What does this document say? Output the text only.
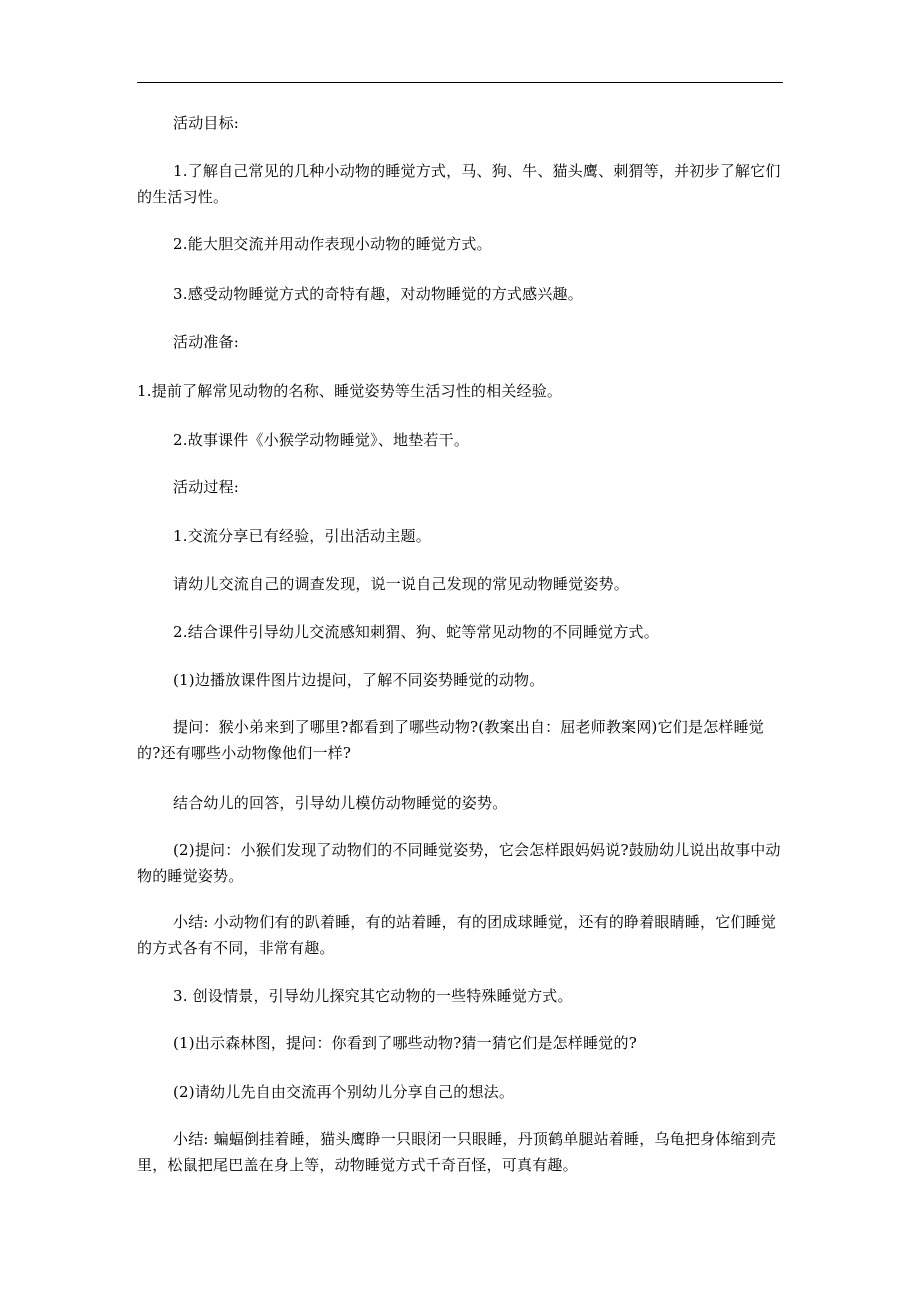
活动目标:

1.了解自己常见的几种小动物的睡觉方式，马、狗、牛、猫头鹰、刺猬等，并初步了解它们的生活习性。

2.能大胆交流并用动作表现小动物的睡觉方式。

3.感受动物睡觉方式的奇特有趣，对动物睡觉的方式感兴趣。

活动准备:

1.提前了解常见动物的名称、睡觉姿势等生活习性的相关经验。

2.故事课件《小猴学动物睡觉》、地垫若干。

活动过程:

1.交流分享已有经验，引出活动主题。

请幼儿交流自己的调查发现，说一说自己发现的常见动物睡觉姿势。

2.结合课件引导幼儿交流感知刺猬、狗、蛇等常见动物的不同睡觉方式。

(1)边播放课件图片边提问，了解不同姿势睡觉的动物。

提问：猴小弟来到了哪里?都看到了哪些动物?(教案出自：屈老师教案网)它们是怎样睡觉的?还有哪些小动物像他们一样?

结合幼儿的回答，引导幼儿模仿动物睡觉的姿势。

(2)提问：小猴们发现了动物们的不同睡觉姿势，它会怎样跟妈妈说?鼓励幼儿说出故事中动物的睡觉姿势。

小结: 小动物们有的趴着睡，有的站着睡，有的团成球睡觉，还有的睁着眼睛睡，它们睡觉的方式各有不同，非常有趣。

3. 创设情景，引导幼儿探究其它动物的一些特殊睡觉方式。

(1)出示森林图，提问：你看到了哪些动物?猜一猜它们是怎样睡觉的?

(2)请幼儿先自由交流再个别幼儿分享自己的想法。

小结: 蝙蝠倒挂着睡，猫头鹰睁一只眼闭一只眼睡，丹顶鹤单腿站着睡，乌龟把身体缩到壳里，松鼠把尾巴盖在身上等，动物睡觉方式千奇百怪，可真有趣。
